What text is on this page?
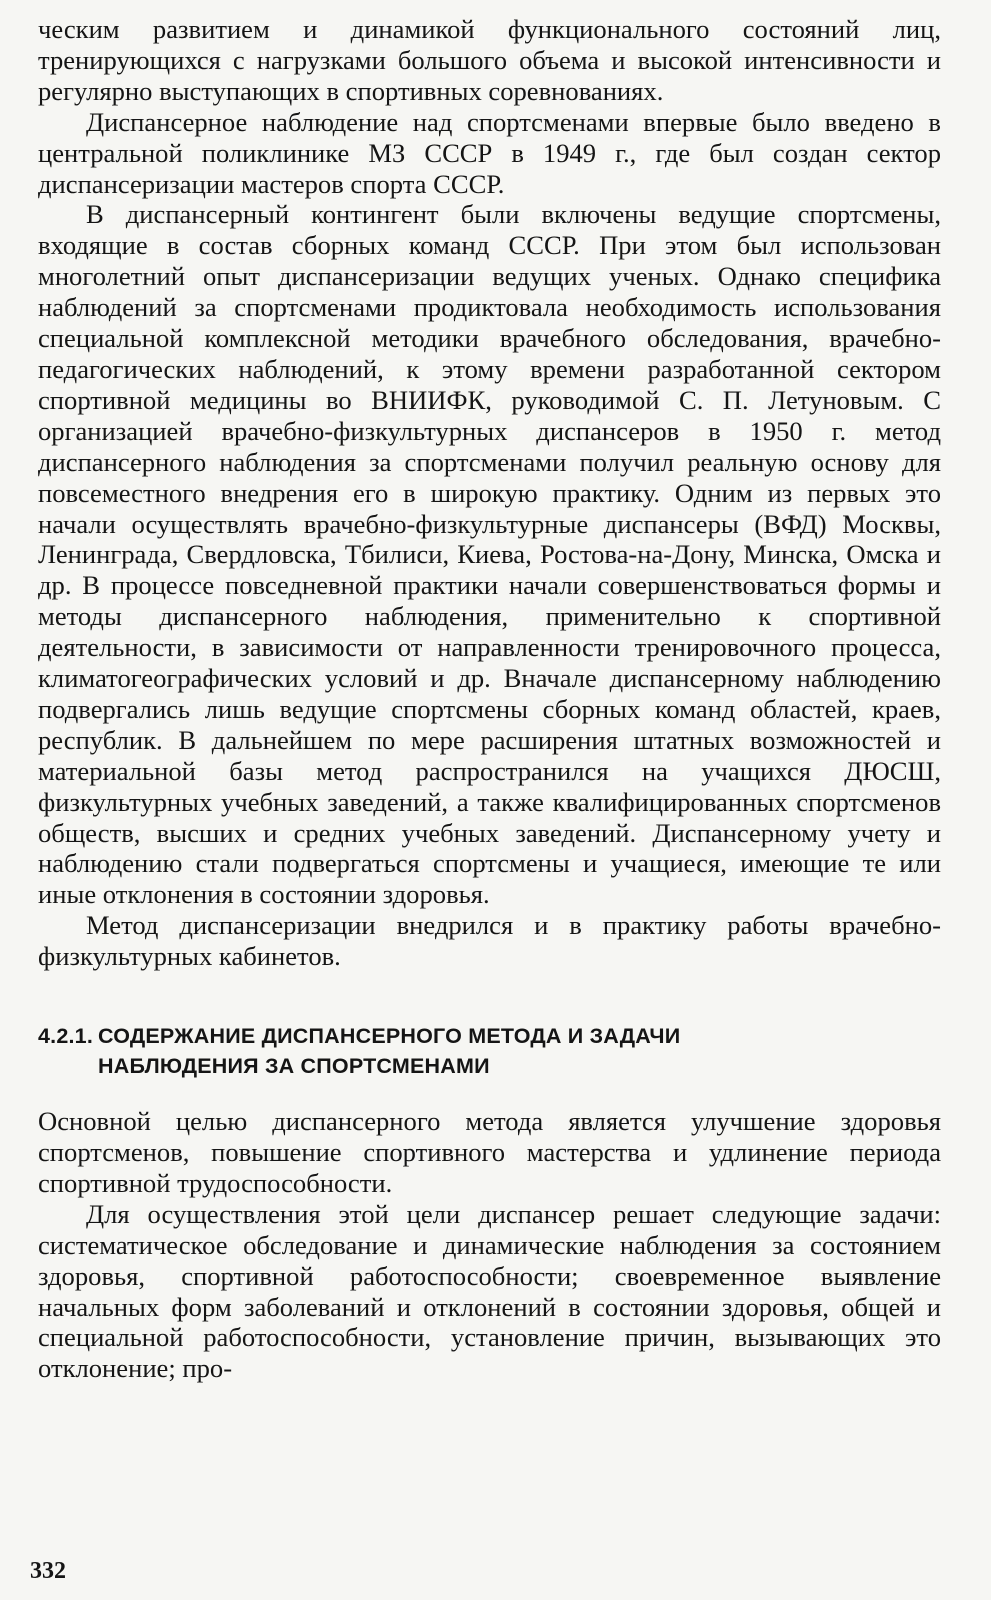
ческим развитием и динамикой функционального состояний лиц, тренирующихся с нагрузками большого объема и высокой интенсивности и регулярно выступающих в спортивных соревнованиях.

Диспансерное наблюдение над спортсменами впервые было введено в центральной поликлинике МЗ СССР в 1949 г., где был создан сектор диспансеризации мастеров спорта СССР.

В диспансерный контингент были включены ведущие спортсмены, входящие в состав сборных команд СССР. При этом был использован многолетний опыт диспансеризации ведущих ученых. Однако специфика наблюдений за спортсменами продиктовала необходимость использования специальной комплексной методики врачебного обследования, врачебно-педагогических наблюдений, к этому времени разработанной сектором спортивной медицины во ВНИИФК, руководимой С. П. Летуновым. С организацией врачебно-физкультурных диспансеров в 1950 г. метод диспансерного наблюдения за спортсменами получил реальную основу для повсеместного внедрения его в широкую практику. Одним из первых это начали осуществлять врачебно-физкультурные диспансеры (ВФД) Москвы, Ленинграда, Свердловска, Тбилиси, Киева, Ростова-на-Дону, Минска, Омска и др. В процессе повседневной практики начали совершенствоваться формы и методы диспансерного наблюдения, применительно к спортивной деятельности, в зависимости от направленности тренировочного процесса, климатогеографических условий и др. Вначале диспансерному наблюдению подвергались лишь ведущие спортсмены сборных команд областей, краев, республик. В дальнейшем по мере расширения штатных возможностей и материальной базы метод распространился на учащихся ДЮСШ, физкультурных учебных заведений, а также квалифицированных спортсменов обществ, высших и средних учебных заведений. Диспансерному учету и наблюдению стали подвергаться спортсмены и учащиеся, имеющие те или иные отклонения в состоянии здоровья.

Метод диспансеризации внедрился и в практику работы врачебно-физкультурных кабинетов.

4.2.1. СОДЕРЖАНИЕ ДИСПАНСЕРНОГО МЕТОДА И ЗАДАЧИ
НАБЛЮДЕНИЯ ЗА СПОРТСМЕНАМИ

Основной целью диспансерного метода является улучшение здоровья спортсменов, повышение спортивного мастерства и удлинение периода спортивной трудоспособности.

Для осуществления этой цели диспансер решает следующие задачи: систематическое обследование и динамические наблюдения за состоянием здоровья, спортивной работоспособности; своевременное выявление начальных форм заболеваний и отклонений в состоянии здоровья, общей и специальной работоспособности, установление причин, вызывающих это отклонение; про-

332
